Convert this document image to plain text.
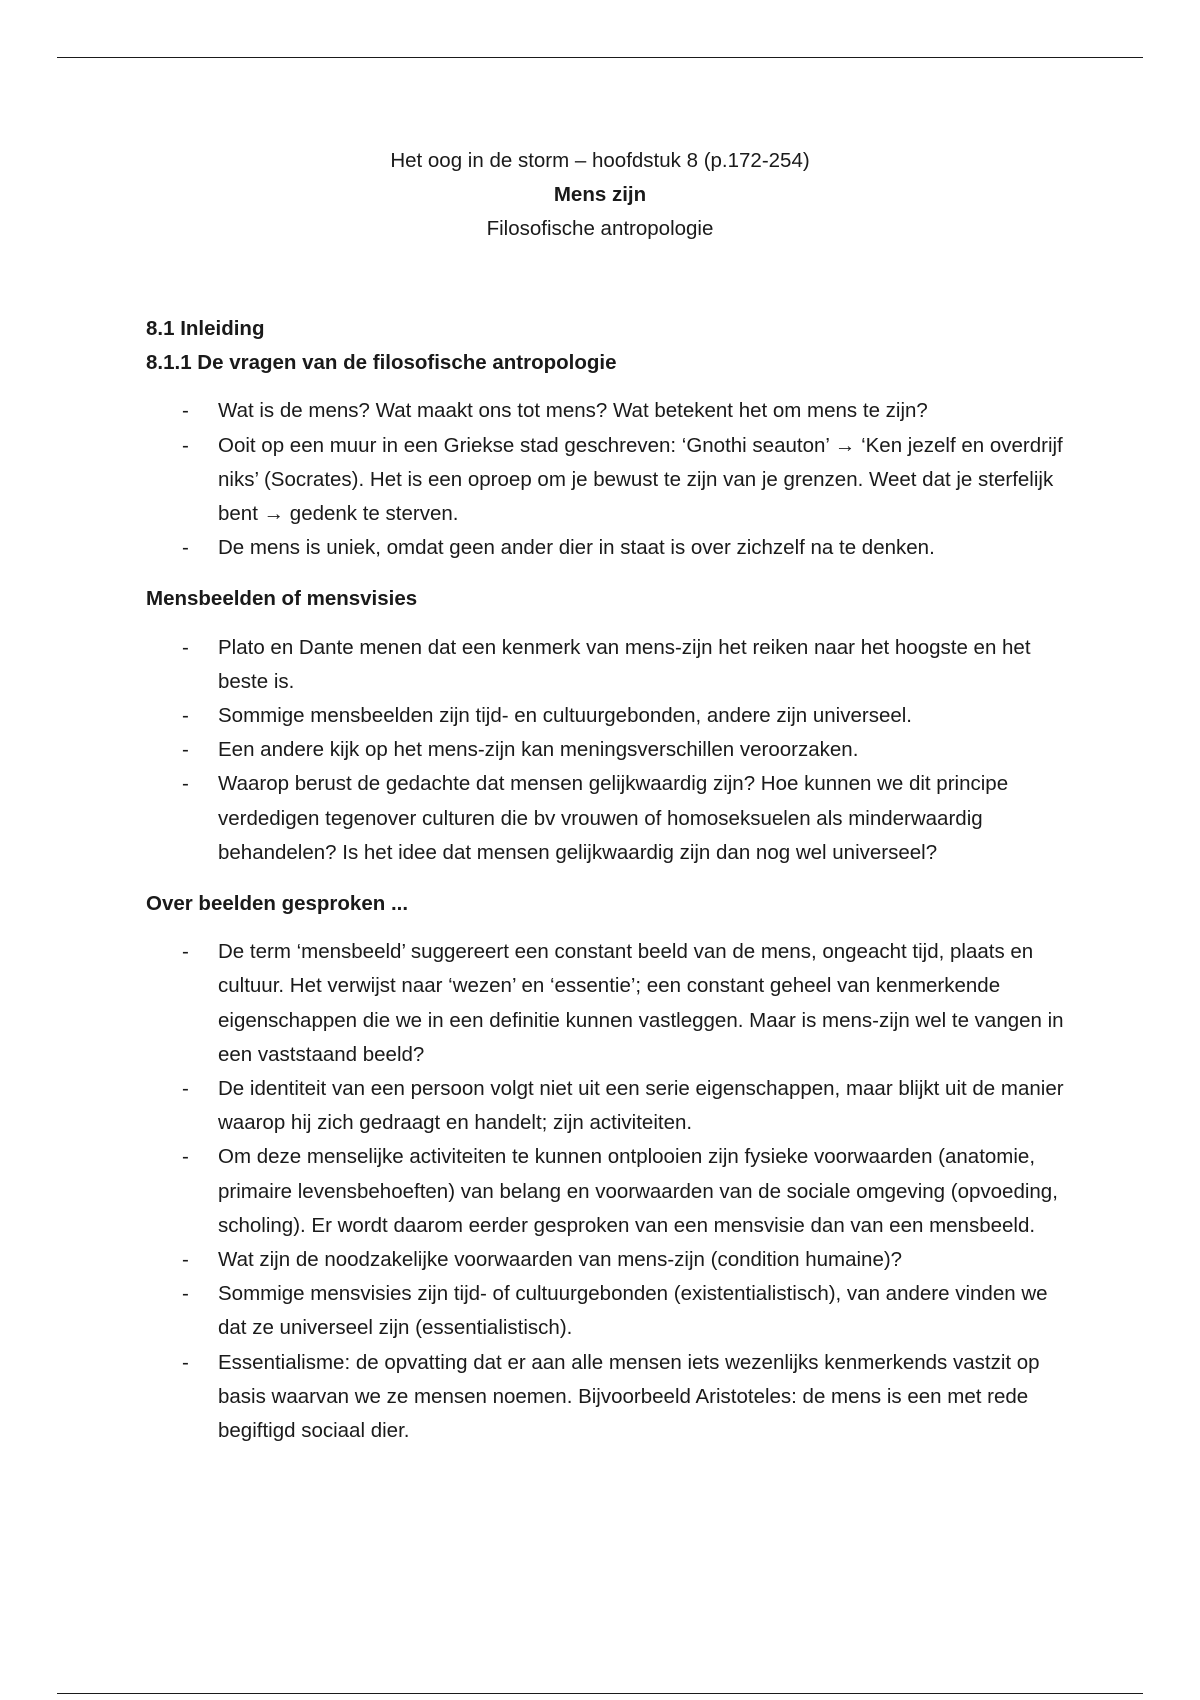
Het oog in de storm – hoofdstuk 8 (p.172-254)
Mens zijn
Filosofische antropologie

8.1 Inleiding

8.1.1 De vragen van de filosofische antropologie

- Wat is de mens? Wat maakt ons tot mens? Wat betekent het om mens te zijn?
- Ooit op een muur in een Griekse stad geschreven: ‘Gnothi seauton’ → ‘Ken jezelf en overdrijf niks’ (Socrates). Het is een oproep om je bewust te zijn van je grenzen. Weet dat je sterfelijk bent → gedenk te sterven.
- De mens is uniek, omdat geen ander dier in staat is over zichzelf na te denken.

Mensbeelden of mensvisies

- Plato en Dante menen dat een kenmerk van mens-zijn het reiken naar het hoogste en het beste is.
- Sommige mensbeelden zijn tijd- en cultuurgebonden, andere zijn universeel.
- Een andere kijk op het mens-zijn kan meningsverschillen veroorzaken.
- Waarop berust de gedachte dat mensen gelijkwaardig zijn? Hoe kunnen we dit principe verdedigen tegenover culturen die bv vrouwen of homoseksuelen als minderwaardig behandelen? Is het idee dat mensen gelijkwaardig zijn dan nog wel universeel?

Over beelden gesproken ...

- De term ‘mensbeeld’ suggereert een constant beeld van de mens, ongeacht tijd, plaats en cultuur. Het verwijst naar ‘wezen’ en ‘essentie’; een constant geheel van kenmerkende eigenschappen die we in een definitie kunnen vastleggen. Maar is mens-zijn wel te vangen in een vaststaand beeld?
- De identiteit van een persoon volgt niet uit een serie eigenschappen, maar blijkt uit de manier waarop hij zich gedraagt en handelt; zijn activiteiten.
- Om deze menselijke activiteiten te kunnen ontplooien zijn fysieke voorwaarden (anatomie, primaire levensbehoeften) van belang en voorwaarden van de sociale omgeving (opvoeding, scholing). Er wordt daarom eerder gesproken van een mensvisie dan van een mensbeeld.
- Wat zijn de noodzakelijke voorwaarden van mens-zijn (condition humaine)?
- Sommige mensvisies zijn tijd- of cultuurgebonden (existentialistisch), van andere vinden we dat ze universeel zijn (essentialistisch).
- Essentialisme: de opvatting dat er aan alle mensen iets wezenlijks kenmerkends vastzit op basis waarvan we ze mensen noemen. Bijvoorbeeld Aristoteles: de mens is een met rede begiftigd sociaal dier.
